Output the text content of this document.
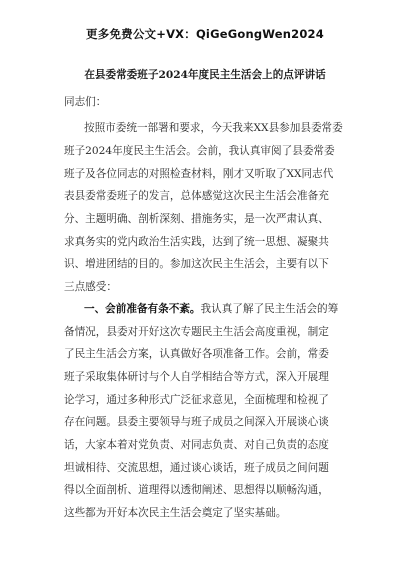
更多免费公文+VX：QiGeGongWen2024
在县委常委班子2024年度民主生活会上的点评讲话
同志们：
按照市委统一部署和要求，今天我来XX县参加县委常委
班子2024年度民主生活会。会前，我认真审阅了县委常委
班子及各位同志的对照检查材料，刚才又听取了XX同志代
表县委常委班子的发言，总体感觉这次民主生活会准备充
分、主题明确、剖析深刻、措施务实，是一次严肃认真、
求真务实的党内政治生活实践，达到了统一思想、凝聚共
识、增进团结的目的。参加这次民主生活会，主要有以下
三点感受：
一、会前准备有条不紊。我认真了解了民主生活会的筹
备情况，县委对开好这次专题民主生活会高度重视，制定
了民主生活会方案，认真做好各项准备工作。会前，常委
班子采取集体研讨与个人自学相结合等方式，深入开展理
论学习，通过多种形式广泛征求意见，全面梳理和检视了
存在问题。县委主要领导与班子成员之间深入开展谈心谈
话，大家本着对党负责、对同志负责、对自己负责的态度
坦诚相待、交流思想，通过谈心谈话，班子成员之间问题
得以全面剖析、道理得以透彻阐述、思想得以顺畅沟通，
这些都为开好本次民主生活会奠定了坚实基础。
